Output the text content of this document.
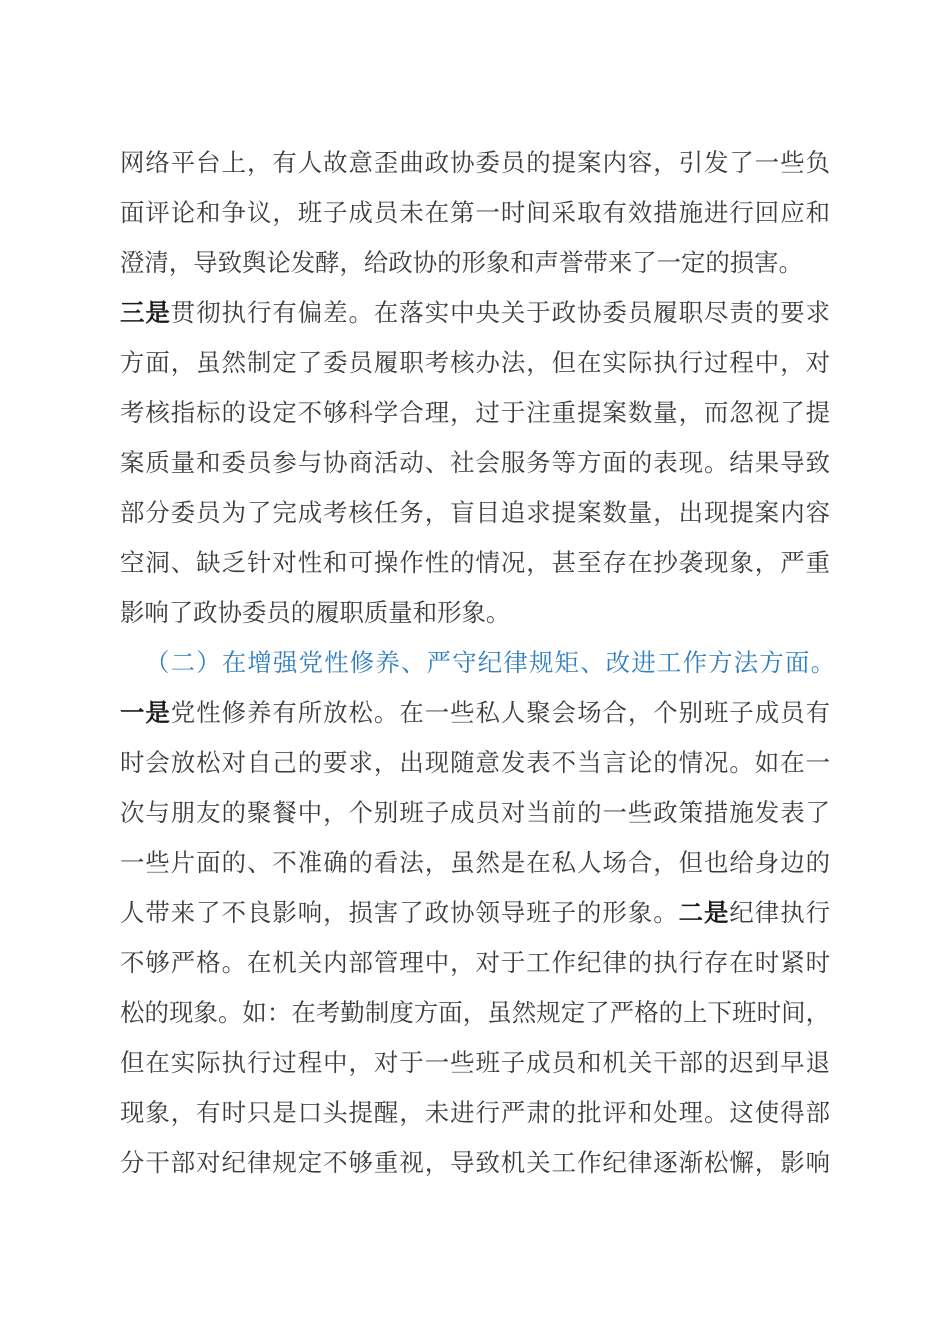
网络平台上，有人故意歪曲政协委员的提案内容，引发了一些负
面评论和争议，班子成员未在第一时间采取有效措施进行回应和
澄清，导致舆论发酵，给政协的形象和声誉带来了一定的损害。
三是贯彻执行有偏差。在落实中央关于政协委员履职尽责的要求
方面，虽然制定了委员履职考核办法，但在实际执行过程中，对
考核指标的设定不够科学合理，过于注重提案数量，而忽视了提
案质量和委员参与协商活动、社会服务等方面的表现。结果导致
部分委员为了完成考核任务，盲目追求提案数量，出现提案内容
空洞、缺乏针对性和可操作性的情况，甚至存在抄袭现象，严重
影响了政协委员的履职质量和形象。
（二）在增强党性修养、严守纪律规矩、改进工作方法方面。
一是党性修养有所放松。在一些私人聚会场合，个别班子成员有
时会放松对自己的要求，出现随意发表不当言论的情况。如在一
次与朋友的聚餐中，个别班子成员对当前的一些政策措施发表了
一些片面的、不准确的看法，虽然是在私人场合，但也给身边的
人带来了不良影响，损害了政协领导班子的形象。二是纪律执行
不够严格。在机关内部管理中，对于工作纪律的执行存在时紧时
松的现象。如：在考勤制度方面，虽然规定了严格的上下班时间，
但在实际执行过程中，对于一些班子成员和机关干部的迟到早退
现象，有时只是口头提醒，未进行严肃的批评和处理。这使得部
分干部对纪律规定不够重视，导致机关工作纪律逐渐松懈，影响
